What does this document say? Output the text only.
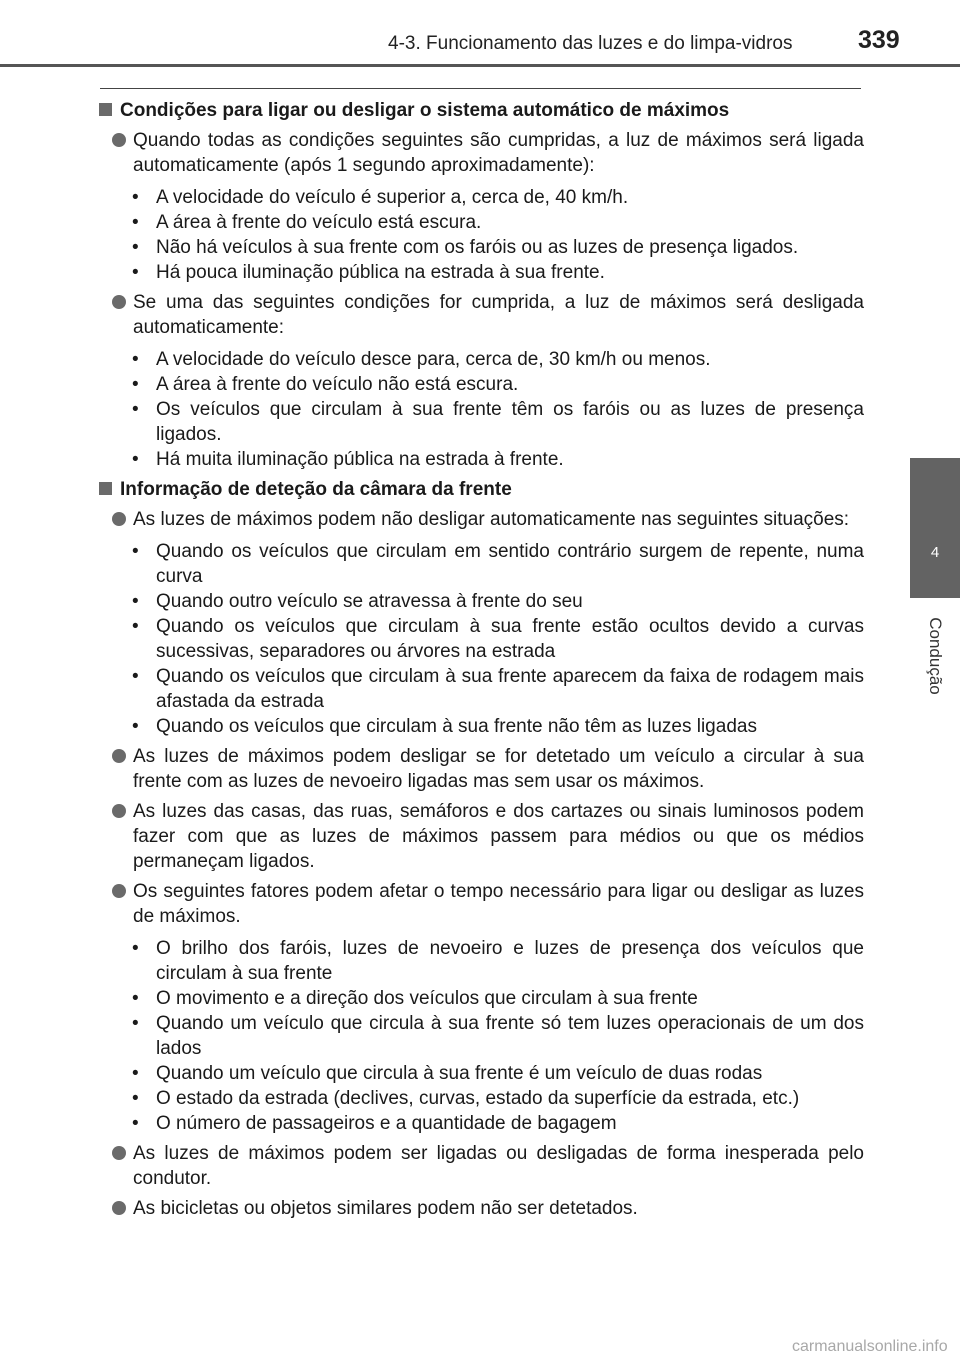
4-3. Funcionamento das luzes e do limpa-vidros	339
4
Condução
Condições para ligar ou desligar o sistema automático de máximos
Quando todas as condições seguintes são cumpridas, a luz de máximos será ligada automaticamente (após 1 segundo aproximadamente):
• A velocidade do veículo é superior a, cerca de, 40 km/h.
• A área à frente do veículo está escura.
• Não há veículos à sua frente com os faróis ou as luzes de presença ligados.
• Há pouca iluminação pública na estrada à sua frente.
Se uma das seguintes condições for cumprida, a luz de máximos será desligada automaticamente:
• A velocidade do veículo desce para, cerca de, 30 km/h ou menos.
• A área à frente do veículo não está escura.
• Os veículos que circulam à sua frente têm os faróis ou as luzes de presença ligados.
• Há muita iluminação pública na estrada à frente.
Informação de deteção da câmara da frente
As luzes de máximos podem não desligar automaticamente nas seguintes situações:
• Quando os veículos que circulam em sentido contrário surgem de repente, numa curva
• Quando outro veículo se atravessa à frente do seu
• Quando os veículos que circulam à sua frente estão ocultos devido a curvas sucessivas, separadores ou árvores na estrada
• Quando os veículos que circulam à sua frente aparecem da faixa de rodagem mais afastada da estrada
• Quando os veículos que circulam à sua frente não têm as luzes ligadas
As luzes de máximos podem desligar se for detetado um veículo a circular à sua frente com as luzes de nevoeiro ligadas mas sem usar os máximos.
As luzes das casas, das ruas, semáforos e dos cartazes ou sinais luminosos podem fazer com que as luzes de máximos passem para médios ou que os médios permaneçam ligados.
Os seguintes fatores podem afetar o tempo necessário para ligar ou desligar as luzes de máximos.
• O brilho dos faróis, luzes de nevoeiro e luzes de presença dos veículos que circulam à sua frente
• O movimento e a direção dos veículos que circulam à sua frente
• Quando um veículo que circula à sua frente só tem luzes operacionais de um dos lados
• Quando um veículo que circula à sua frente é um veículo de duas rodas
• O estado da estrada (declives, curvas, estado da superfície da estrada, etc.)
• O número de passageiros e a quantidade de bagagem
As luzes de máximos podem ser ligadas ou desligadas de forma inesperada pelo condutor.
As bicicletas ou objetos similares podem não ser detetados.
carmanualsonline.info
